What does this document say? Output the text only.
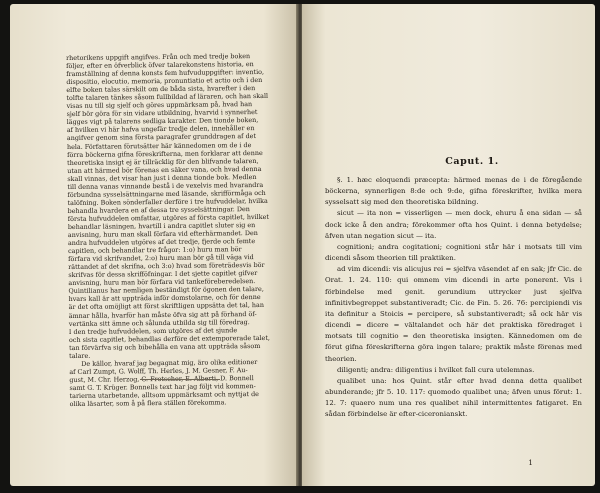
rhetorikens uppgift angifves. Från och med tredje boken

följer, efter en öfverblick öfver talarekonstens historia, en

framställning af denna konsts fem hufvuduppgifter: inventio,

dispositio, elocutio, memoria, pronuntiatio et actio och i den

elfte boken talas särskilt om de båda sista, hvarefter i den

tolfte talaren tänkes såsom fullbildad af läraren, och han skall

visas nu till sig sjelf och göres uppmärksam på, hvad han

sjelf bör göra för sin vidare utbildning, hvarvid i synnerhet

lägges vigt på talarens sedliga karakter. Den tionde boken,

af hvilken vi här hafva ungefär tredje delen, innehåller en

angifver genom sina första paragrafer grunddragen af det

hela. Författaren förutsätter här kännedomen om de i de

förra böckerna gifna föreskrifterna, men forklarar att denne

theoretiska insigt ej är tillräcklig för den blifvande talaren,

utan att härmed bör förenas en säker vana, och hvad denna

skall vinnas, det visar han just i denna tionde bok. Medlen

till denna vanas vinnande bestå i de vexelvis med hvarandra

förbundna sysselsättningarne med läsande, skrifförmåga och

talöfning. Boken sönderfaller derföre i tre hufvuddelar, hvilka

behandla hvardera en af dessa tre sysselsättningar. Den

första hufvuddelen omfattar, utgöres af första capitlet, hvilket

behandlar läsningen, hvartill i andra capitlet sluter sig en

anvisning, huru man skall förfara vid efterhärmandet. Den

andra hufvuddelen utgöres af det tredje, fjerde och femte

capitlen, och behandlar tre frågor: 1:o) huru man bör

förfara vid skrifvandet, 2:o) huru man bör gå till väga vid

rättandet af det skrifna, och 3:o) hvad som företrädesvis bör

skrifvas för dessa skrifföfningar. I det sjette capitlet gifver

anvisning, huru man bör förfara vid tankeföreberedelsen.

Quintilianus har nemligen beständigt för ögonen den talare,

hvars kall är att uppträda inför domstolarne, och för denne

är det ofta omöjligt att först skriftligen uppsätta det tal, han

ämnar hålla, hvarför han måste öfva sig att på förhand öf-

vertänka sitt ämne och sålunda utbilda sig till föredrag.

I den tredje hufvuddelen, som utgöres af det sjunde

och sista capitlet, behandlas derföre det extemporerade talet,

tan förvärfva sig och bibehålla en vana att uppträda såsom

talare.

De källor, hvaraf jag begagnat mig, äro olika editioner

af Carl Zumpt, G. Wolff, Th. Herles, J. M. Gesner, F. Au-

gust, M. Chr. Herzog, C. Frotscher, E. Alberti, D. Bonnell

samt G. T. Krüger. Bonnells text har jag följt vid kommen-

tarierna utarbetande, alltsom uppmärksamt och nyttjat de

olika läsarter, som å på flera ställen förekomma.

Caput. 1.

§. 1. hæc eloquendi præcepta: härmed menas de i de föregående böckerna, synnerligen 8:de och 9:de, gifna föreskrifter, hvilka mera sysselsatt sig med den theoretiska bildning.

sicut — ita non = visserligen — men dock, ehuru å ena sidan — så dock icke å den andra; förekommer ofta hos Quint. i denna betydelse; äfven utan negation sicut — ita.

cognitioni; andra cogitationi; cognitioni står här i motsats till vim dicendi såsom theorien till praktiken.

ad vim dicendi: vis alicujus rei = sjelfva väsendet af en sak; jfr Cic. de Orat. 1. 24. 110: qui omnem vim dicendi in arte ponerent. Vis i förbindelse med genit. gerundium uttrycker just sjelfva infinitivbegreppet substantiveradt; Cic. de Fin. 5. 26. 76: percipiendi vis ita definitur a Stoicis = percipere, så substantiveradt; så ock här vis dicendi = dicere = vältalandet och här det praktiska föredraget i motsats till cognitio = den theoretiska insigten. Kännedomen om de förut gifna föreskrifterna göra ingen talare; praktik måste förenas med theorien.

diligenti; andra: diligentius i hvilket fall cura utelemnas.

qualibet una: hos Quint. står efter hvad denna detta qualibet abunderande; jfr 5. 10. 117: quomodo qualibet una; äfven unus förut: 1. 12. 7: quaero num una res qualibet nihil intermittentes fatigaret. En sådan förbindelse är efter-ciceronianskt.

1
